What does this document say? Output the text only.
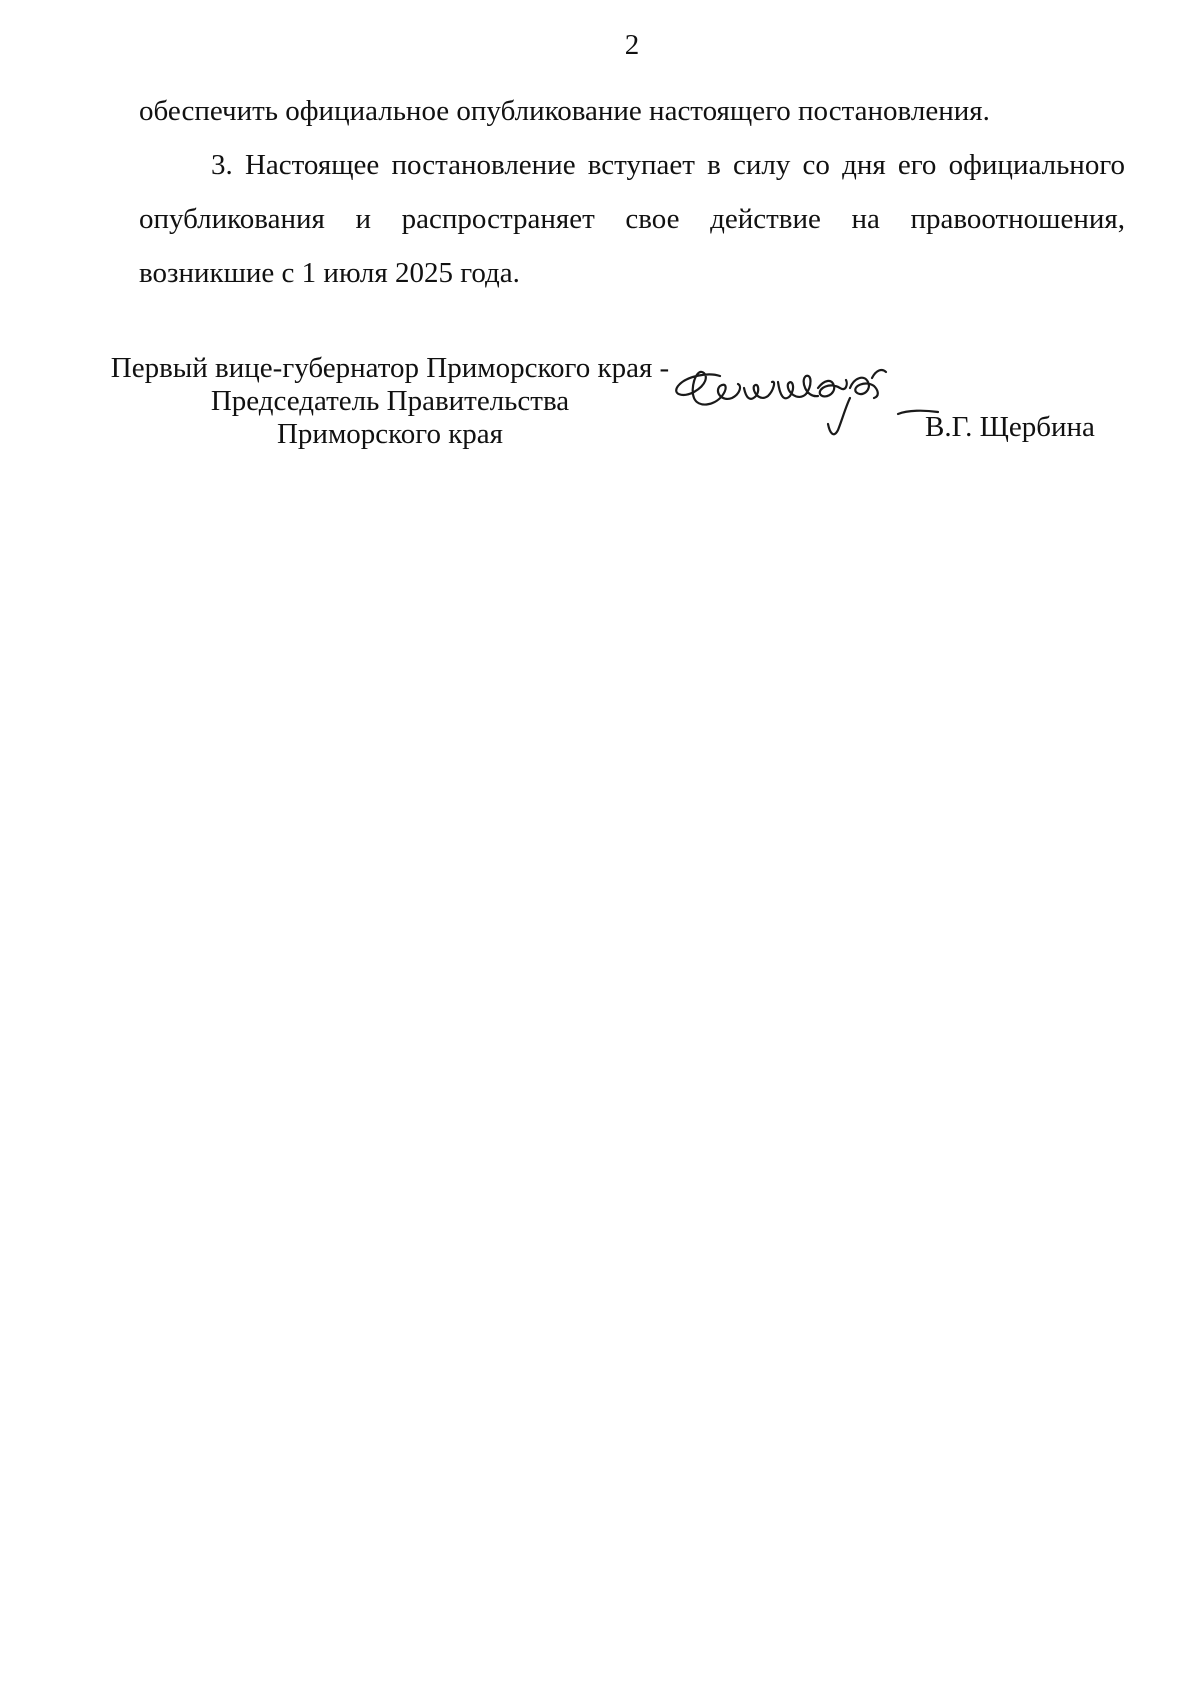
2

обеспечить официальное опубликование настоящего постановления.

3. Настоящее постановление вступает в силу со дня его официального опубликования и распространяет свое действие на правоотношения, возникшие с 1 июля 2025 года.

Первый вице-губернатор Приморского края -
Председатель Правительства
Приморского края	В.Г. Щербина
